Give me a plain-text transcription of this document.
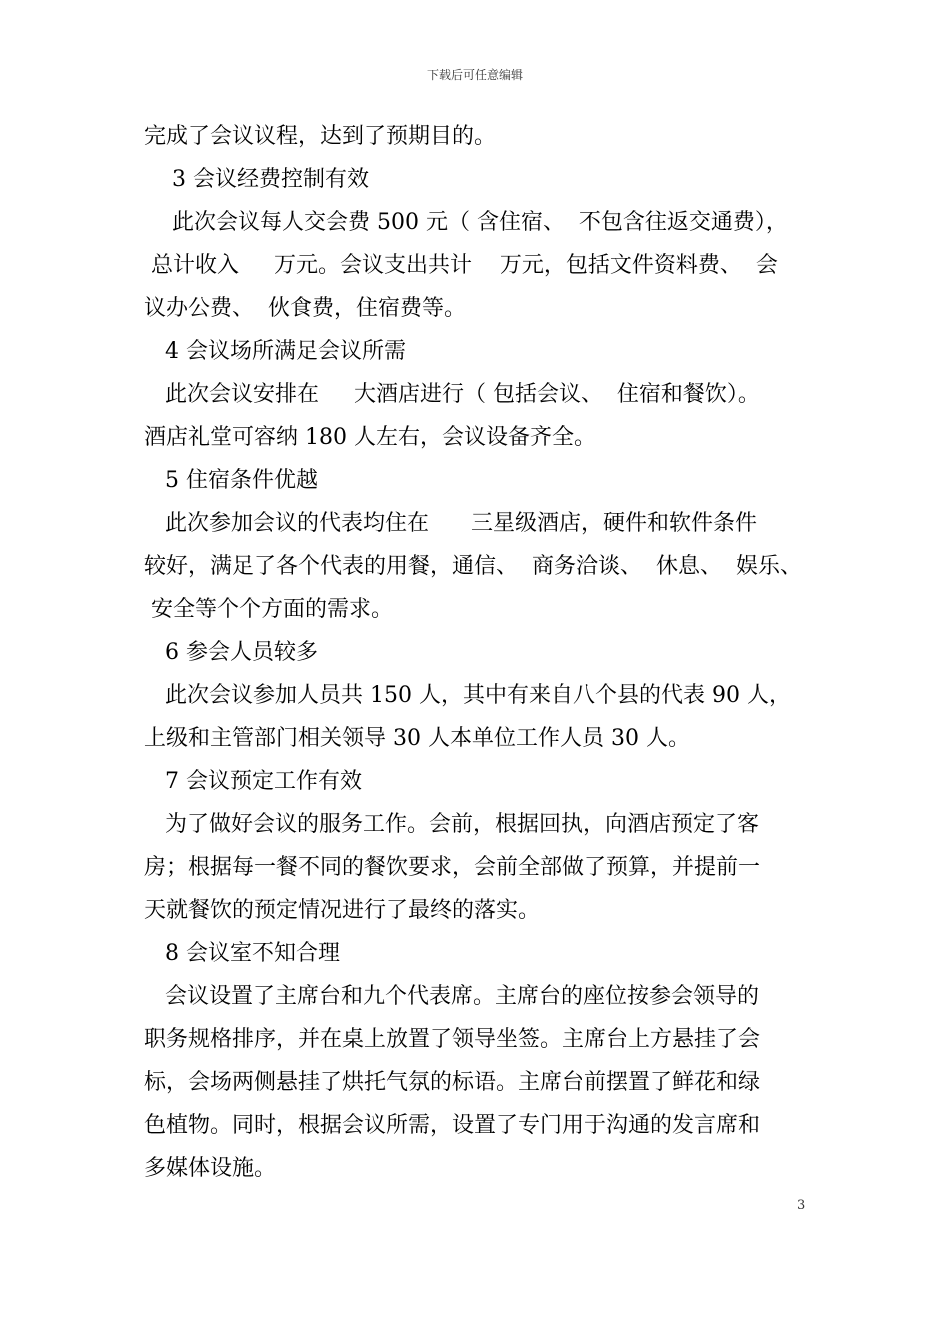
下载后可任意编辑
完成了会议议程，达到了预期目的。
3 会议经费控制有效
此次会议每人交会费 500 元（ 含住宿、  不包含往返交通费），
总计收入     万元。会议支出共计    万元，包括文件资料费、  会
议办公费、  伙食费，住宿费等。
4 会议场所满足会议所需
此次会议安排在     大酒店进行（ 包括会议、  住宿和餐饮）。
酒店礼堂可容纳 180 人左右，会议设备齐全。
5 住宿条件优越
此次参加会议的代表均住在      三星级酒店，硬件和软件条件
较好，满足了各个代表的用餐，通信、  商务洽谈、  休息、  娱乐、
安全等个个方面的需求。
6 参会人员较多
此次会议参加人员共 150 人，其中有来自八个县的代表 90 人，
上级和主管部门相关领导 30 人本单位工作人员 30 人。
7 会议预定工作有效
为了做好会议的服务工作。会前，根据回执，向酒店预定了客
房；根据每一餐不同的餐饮要求，会前全部做了预算，并提前一
天就餐饮的预定情况进行了最终的落实。
8 会议室不知合理
会议设置了主席台和九个代表席。主席台的座位按参会领导的
职务规格排序，并在桌上放置了领导坐签。主席台上方悬挂了会
标，会场两侧悬挂了烘托气氛的标语。主席台前摆置了鲜花和绿
色植物。同时，根据会议所需，设置了专门用于沟通的发言席和
多媒体设施。
3
